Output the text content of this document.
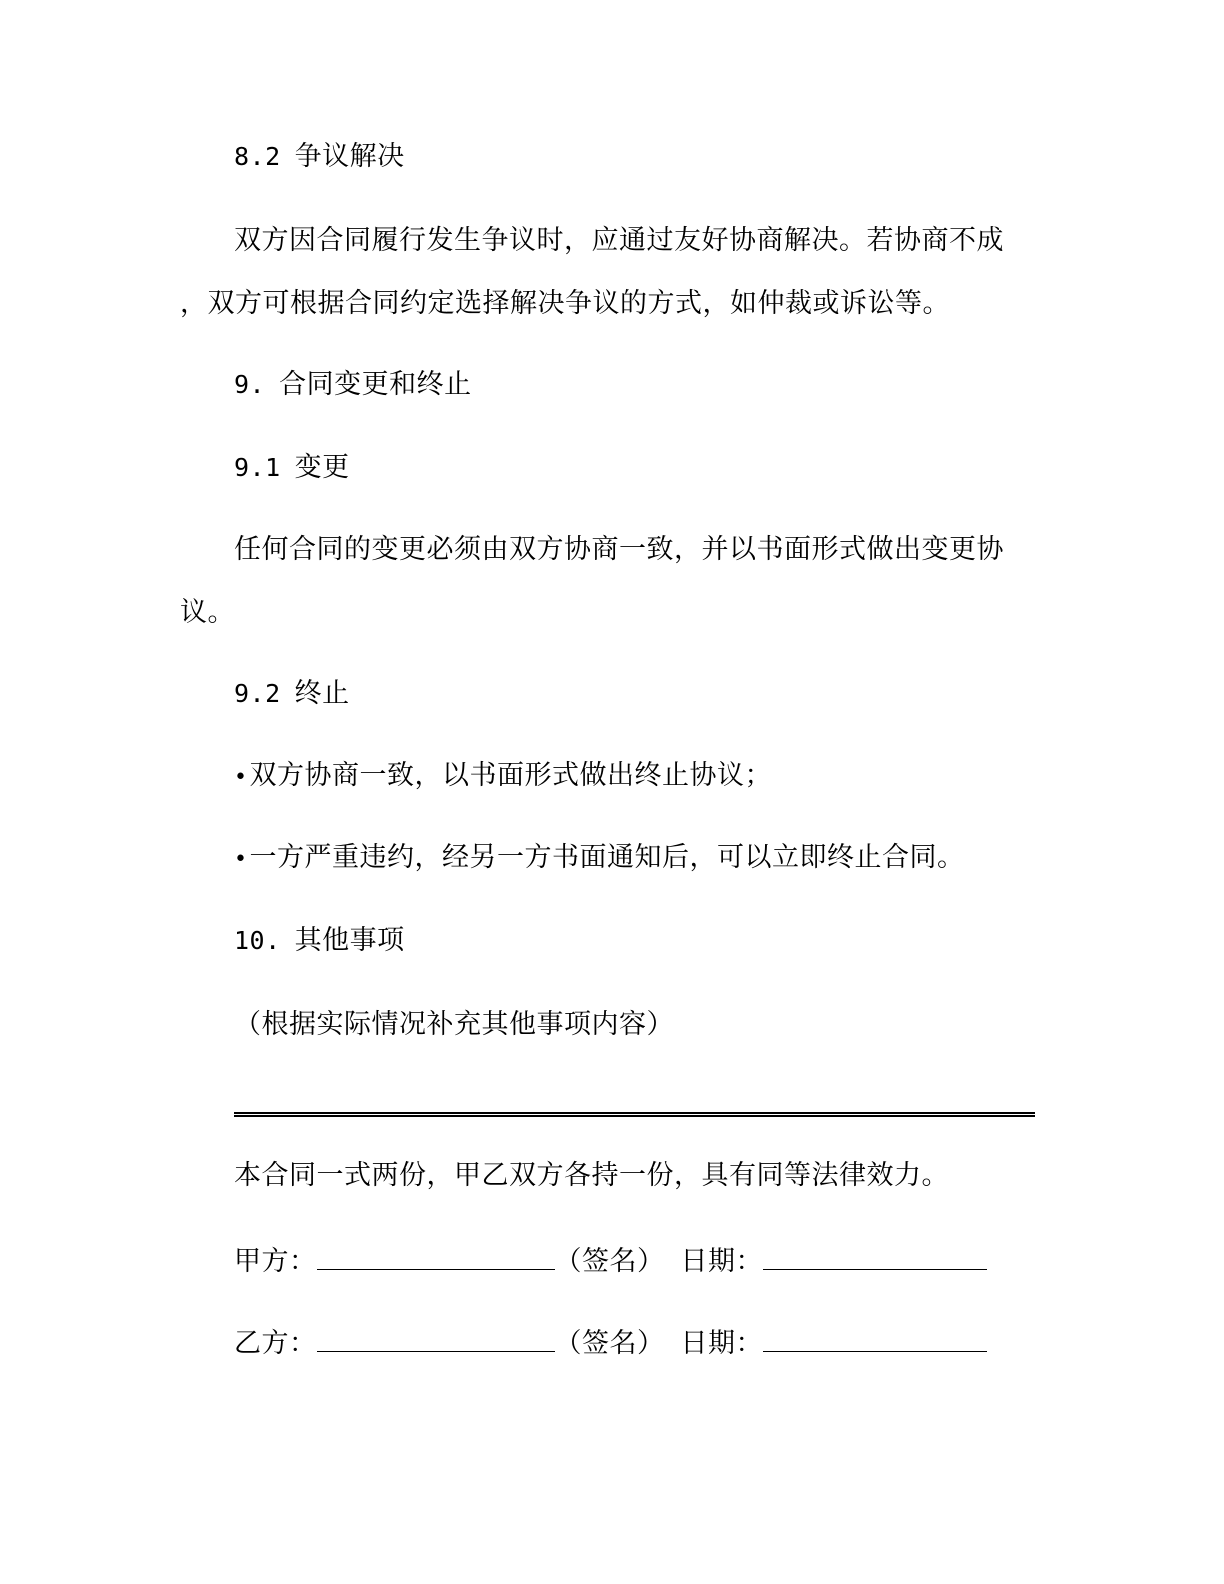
8.2 争议解决
双方因合同履行发生争议时，应通过友好协商解决。若协商不成
，双方可根据合同约定选择解决争议的方式，如仲裁或诉讼等。
9. 合同变更和终止
9.1 变更
任何合同的变更必须由双方协商一致，并以书面形式做出变更协
议。
9.2 终止
•双方协商一致，以书面形式做出终止协议；
•一方严重违约，经另一方书面通知后，可以立即终止合同。
10. 其他事项
（根据实际情况补充其他事项内容）
本合同一式两份，甲乙双方各持一份，具有同等法律效力。
甲方：	（签名） 日期：
乙方：	（签名） 日期：
